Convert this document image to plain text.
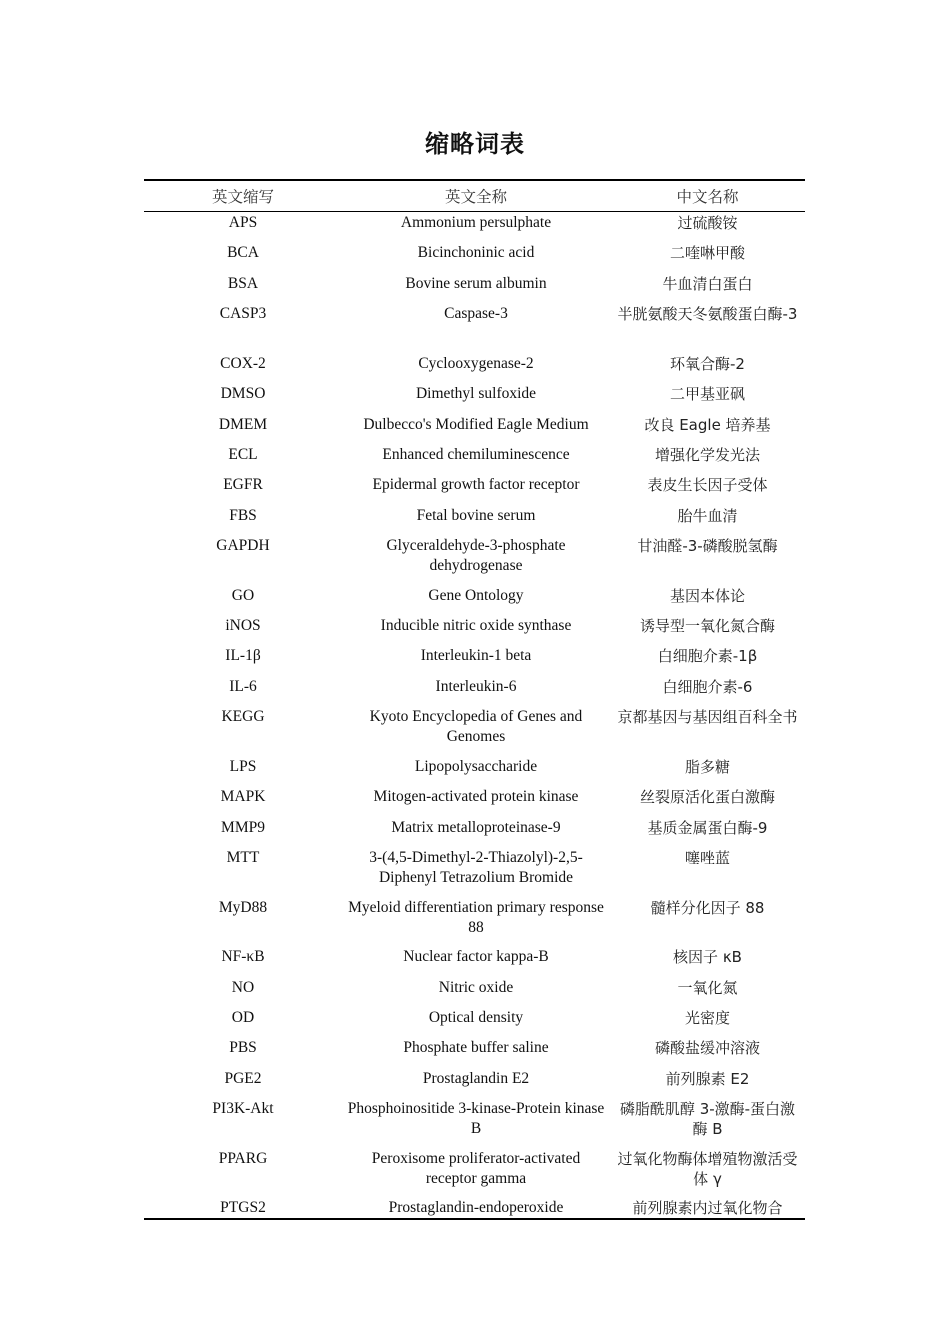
缩略词表
英文缩写	英文全称	中文名称
APS	Ammonium persulphate	过硫酸铵
BCA	Bicinchoninic acid	二喹啉甲酸
BSA	Bovine serum albumin	牛血清白蛋白
CASP3	Caspase-3	半胱氨酸天冬氨酸蛋白酶-3
COX-2	Cyclooxygenase-2	环氧合酶-2
DMSO	Dimethyl sulfoxide	二甲基亚砜
DMEM	Dulbecco's Modified Eagle Medium	改良 Eagle 培养基
ECL	Enhanced chemiluminescence	增强化学发光法
EGFR	Epidermal growth factor receptor	表皮生长因子受体
FBS	Fetal bovine serum	胎牛血清
GAPDH	Glyceraldehyde-3-phosphate dehydrogenase	甘油醛-3-磷酸脱氢酶
GO	Gene Ontology	基因本体论
iNOS	Inducible nitric oxide synthase	诱导型一氧化氮合酶
IL-1β	Interleukin-1 beta	白细胞介素-1β
IL-6	Interleukin-6	白细胞介素-6
KEGG	Kyoto Encyclopedia of Genes and Genomes	京都基因与基因组百科全书
LPS	Lipopolysaccharide	脂多糖
MAPK	Mitogen-activated protein kinase	丝裂原活化蛋白激酶
MMP9	Matrix metalloproteinase-9	基质金属蛋白酶-9
MTT	3-(4,5-Dimethyl-2-Thiazolyl)-2,5-Diphenyl Tetrazolium Bromide	噻唑蓝
MyD88	Myeloid differentiation primary response 88	髓样分化因子 88
NF-κB	Nuclear factor kappa-B	核因子 κB
NO	Nitric oxide	一氧化氮
OD	Optical density	光密度
PBS	Phosphate buffer saline	磷酸盐缓冲溶液
PGE2	Prostaglandin E2	前列腺素 E2
PI3K-Akt	Phosphoinositide 3-kinase-Protein kinase B	磷脂酰肌醇 3-激酶-蛋白激酶 B
PPARG	Peroxisome proliferator-activated receptor gamma	过氧化物酶体增殖物激活受体 γ
PTGS2	Prostaglandin-endoperoxide	前列腺素内过氧化物合
